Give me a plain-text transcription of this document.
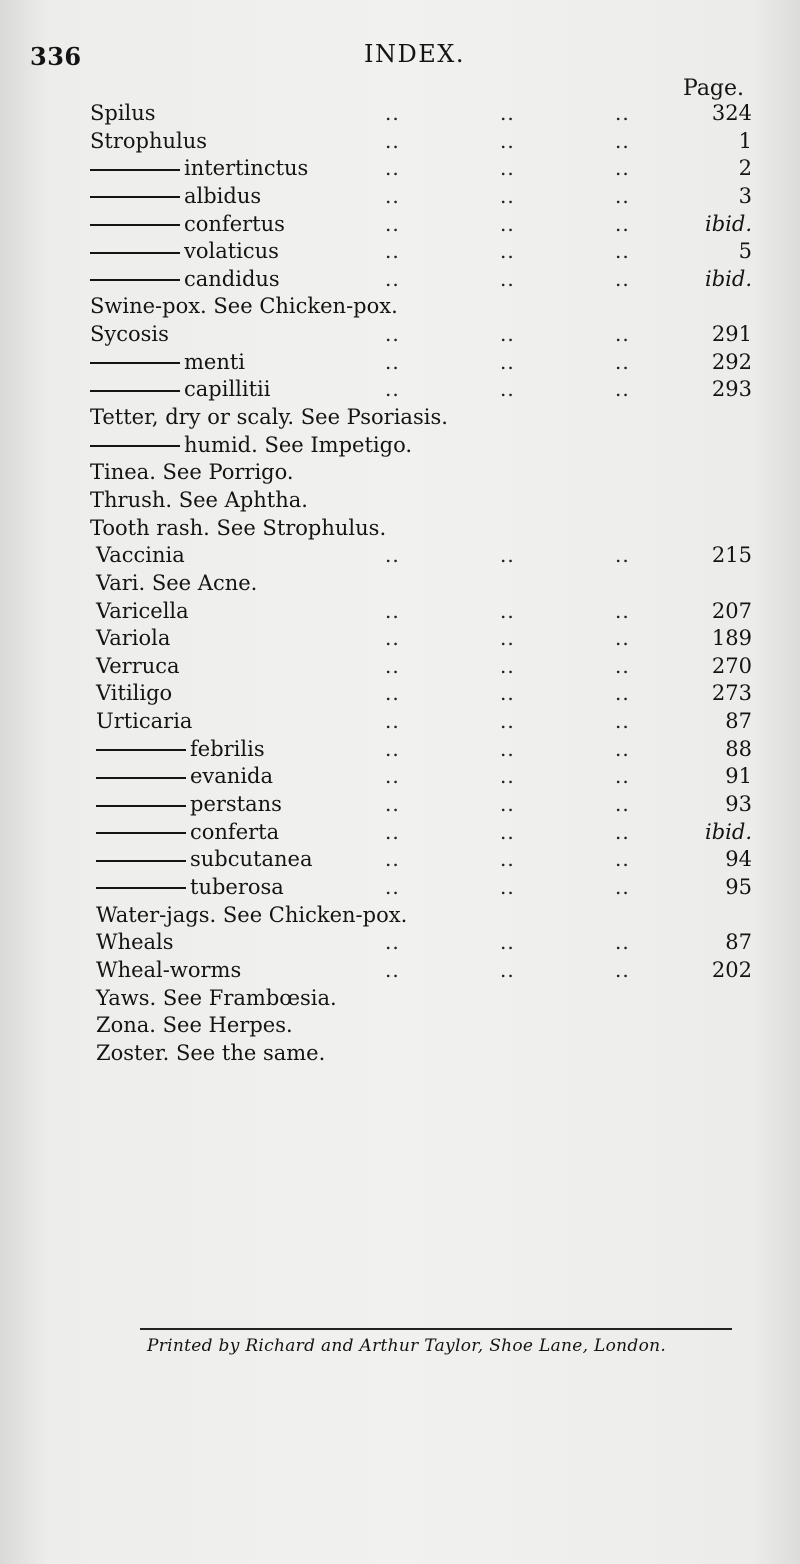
336	INDEX.
Page.
Spilus	..	..	..	324
Strophulus	..	..	..	1
intertinctus	..	..	..	2
albidus	..	..	..	3
confertus	..	..	..	ibid.
volaticus	..	..	..	5
candidus	..	..	..	ibid.
Swine-pox. See Chicken-pox.
Sycosis	..	..	..	291
menti	..	..	..	292
capillitii	..	..	..	293
Tetter, dry or scaly. See Psoriasis.
humid. See Impetigo.
Tinea. See Porrigo.
Thrush. See Aphtha.
Tooth rash. See Strophulus.
Vaccinia	..	..	..	215
Vari. See Acne.
Varicella	..	..	..	207
Variola	..	..	..	189
Verruca	..	..	..	270
Vitiligo	..	..	..	273
Urticaria	..	..	..	87
febrilis	..	..	..	88
evanida	..	..	..	91
perstans	..	..	..	93
conferta	..	..	..	ibid.
subcutanea	..	..	..	94
tuberosa	..	..	..	95
Water-jags. See Chicken-pox.
Wheals	..	..	..	87
Wheal-worms	..	..	..	202
Yaws. See Frambœsia.
Zona. See Herpes.
Zoster. See the same.
Printed by Richard and Arthur Taylor, Shoe Lane, London.
